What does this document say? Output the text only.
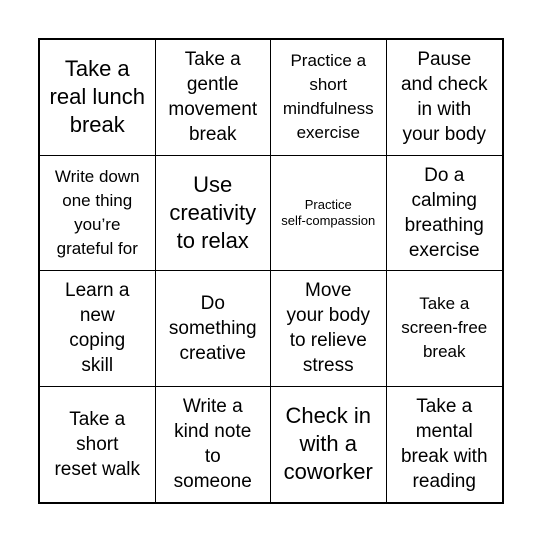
Take a
real lunch
break
Take a
gentle
movement
break
Practice a
short
mindfulness
exercise
Pause
and check
in with
your body
Write down
one thing
you’re
grateful for
Use
creativity
to relax
Practice
self-compassion
Do a
calming
breathing
exercise
Learn a
new
coping
skill
Do
something
creative
Move
your body
to relieve
stress
Take a
screen-free
break
Take a
short
reset walk
Write a
kind note
to
someone
Check in
with a
coworker
Take a
mental
break with
reading
